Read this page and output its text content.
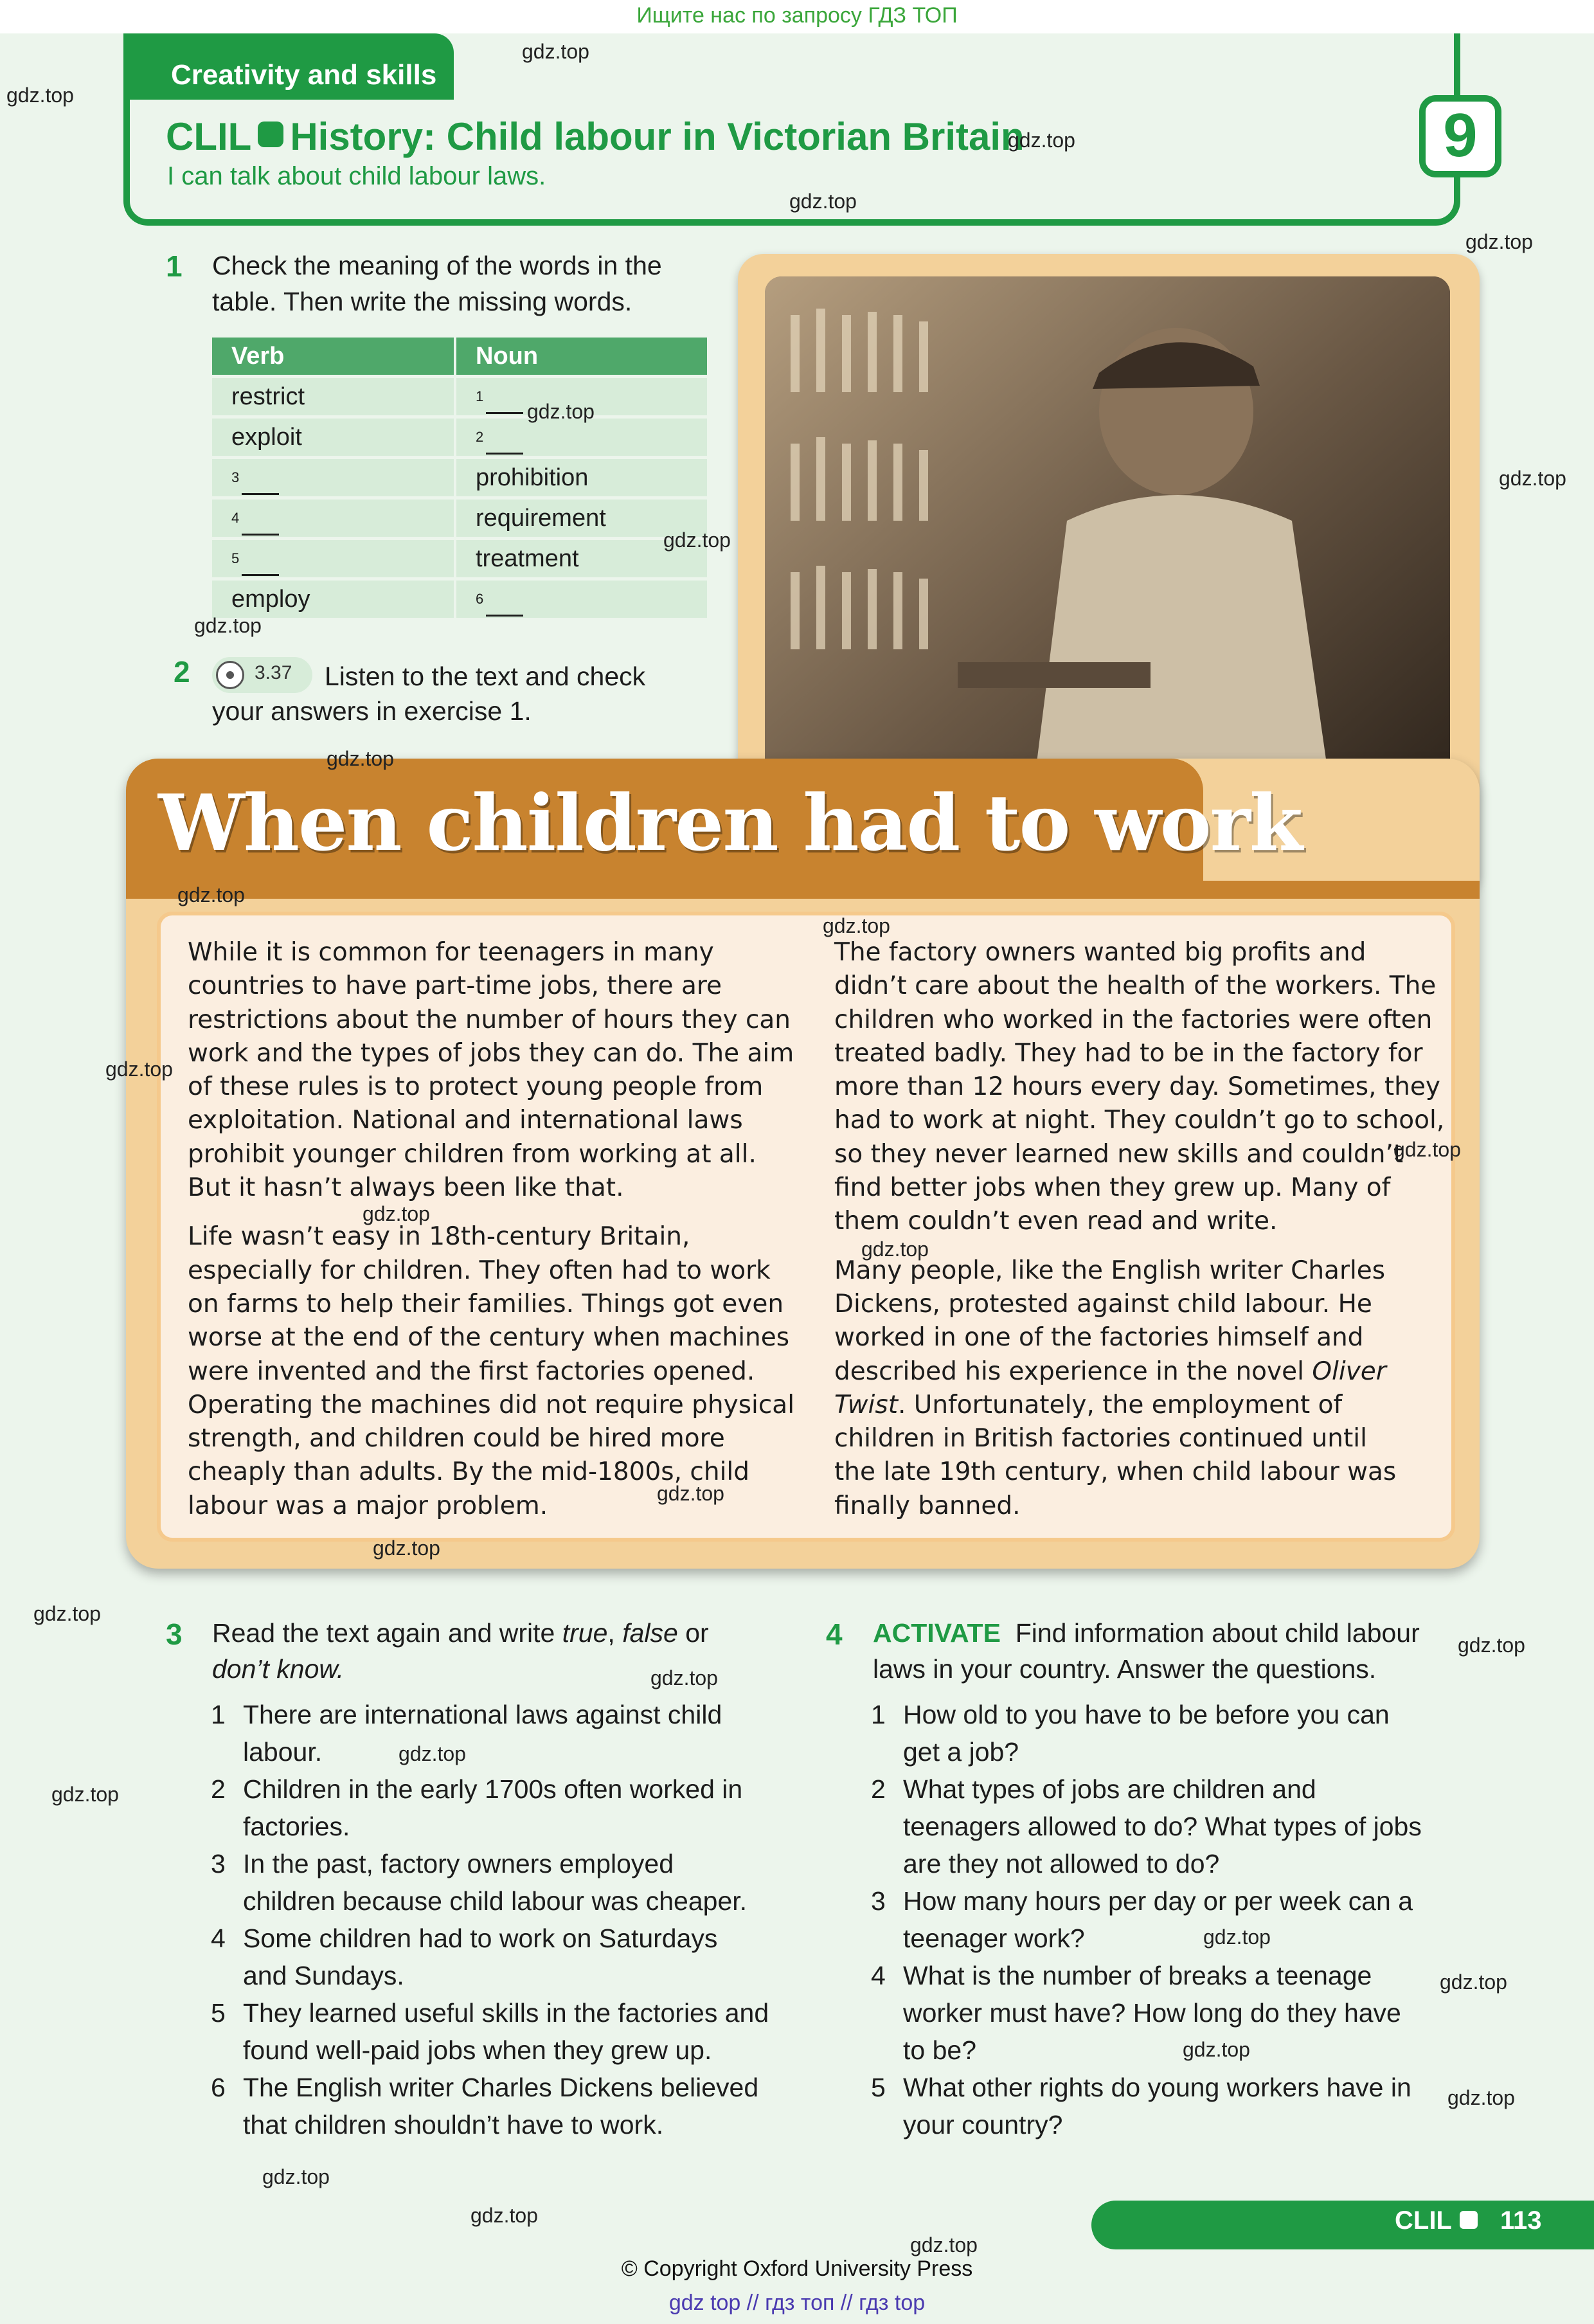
Ищите нас по запросу ГДЗ ТОП
Creativity and skills
9
CLIL History: Child labour in Victorian Britain
I can talk about child labour laws.
1 Check the meaning of the words in the
table. Then write the missing words.
2	3.37 Listen to the text and check
your answers in exercise 1.
When children had to work
While it is common for teenagers in many
countries to have part-time jobs, there are
restrictions about the number of hours they can
work and the types of jobs they can do. The aim
of these rules is to protect young people from
exploitation. National and international laws
prohibit younger children from working at all.
But it hasn’t always been like that.
Life wasn’t easy in 18th-century Britain,
especially for children. They often had to work
on farms to help their families. Things got even
worse at the end of the century when machines
were invented and the first factories opened.
Operating the machines did not require physical
strength, and children could be hired more
cheaply than adults. By the mid-1800s, child
labour was a major problem.
The factory owners wanted big profits and
didn’t care about the health of the workers. The
children who worked in the factories were often
treated badly. They had to be in the factory for
more than 12 hours every day. Sometimes, they
had to work at night. They couldn’t go to school,
so they never learned new skills and couldn’t
find better jobs when they grew up. Many of
them couldn’t even read and write.
Many people, like the English writer Charles
Dickens, protested against child labour. He
worked in one of the factories himself and
described his experience in the novel Oliver
Twist. Unfortunately, the employment of
children in British factories continued until
the late 19th century, when child labour was
finally banned.
3 Read the text again and write true, false or
don’t know.
4 ACTIVATE Find information about child labour
laws in your country. Answer the questions.
CLIL	113
© Copyright Oxford University Press
gdz top // гдз топ // гдз top
Verb	Noun
restrict	$^1$
exploit	$^2$
$^3$	prohibition
$^4$	requirement
$^5$	treatment
employ	$^6$
1 There are international laws against child
labour.
2 Children in the early 1700s often worked in
factories.
3 In the past, factory owners employed
children because child labour was cheaper.
4 Some children had to work on Saturdays
and Sundays.
5 They learned useful skills in the factories and
found well-paid jobs when they grew up.
6 The English writer Charles Dickens believed
that children shouldn’t have to work.
1 How old to you have to be before you can
get a job?
2 What types of jobs are children and
teenagers allowed to do? What types of jobs
are they not allowed to do?
3 How many hours per day or per week can a
teenager work?
4 What is the number of breaks a teenage
worker must have? How long do they have
to be?
5 What other rights do young workers have in
your country?
gdz.top
gdz.top
gdz.top
gdz.top
gdz.top
gdz.top
gdz.top
gdz.top
gdz.top
gdz.top
gdz.top
gdz.top
gdz.top
gdz.top
gdz.top
gdz.top
gdz.top
gdz.top
gdz.top
gdz.top
gdz.top
gdz.top
gdz.top
gdz.top
gdz.top
gdz.top
gdz.top
gdz.top
gdz.top
gdz.top
